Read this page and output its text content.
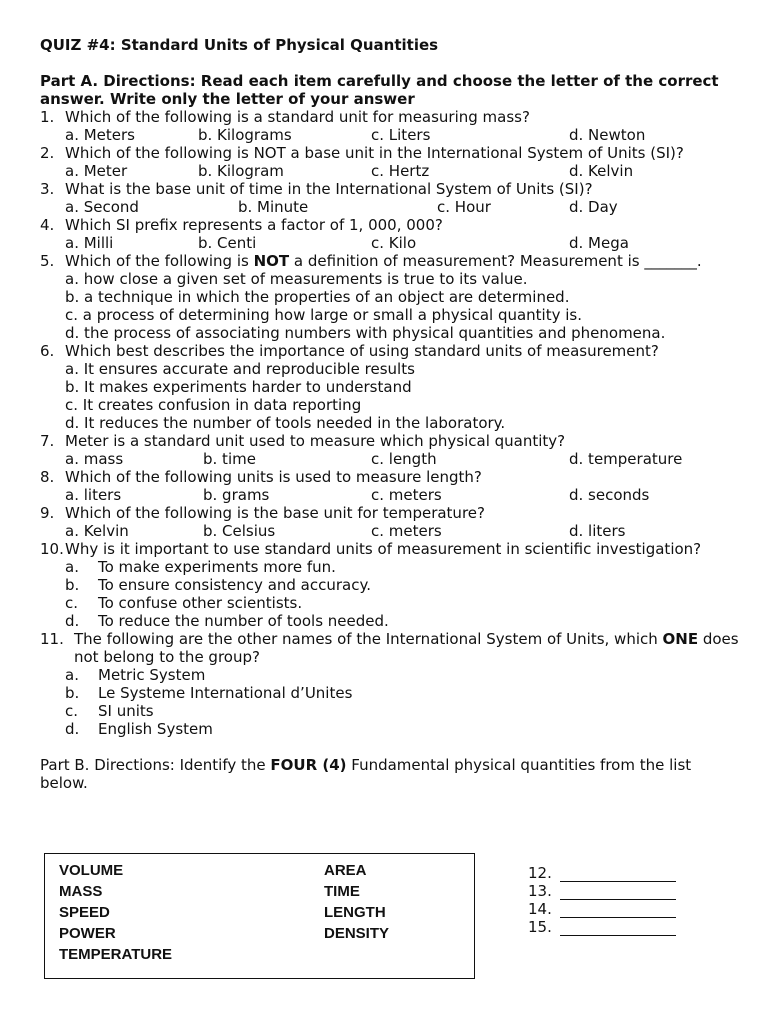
QUIZ #4: Standard Units of Physical Quantities

Part A. Directions: Read each item carefully and choose the letter of the correct answer. Write only the letter of your answer

1. Which of the following is a standard unit for measuring mass?
a. Meters	b. Kilograms	c. Liters	d. Newton
2. Which of the following is NOT a base unit in the International System of Units (SI)?
a. Meter	b. Kilogram	c. Hertz	d. Kelvin
3. What is the base unit of time in the International System of Units (SI)?
a. Second	b. Minute	c. Hour	d. Day
4. Which SI prefix represents a factor of 1, 000, 000?
a. Milli	b. Centi	c. Kilo	d. Mega
5. Which of the following is NOT a definition of measurement? Measurement is _______.
a. how close a given set of measurements is true to its value.
b. a technique in which the properties of an object are determined.
c. a process of determining how large or small a physical quantity is.
d. the process of associating numbers with physical quantities and phenomena.
6. Which best describes the importance of using standard units of measurement?
a. It ensures accurate and reproducible results
b. It makes experiments harder to understand
c. It creates confusion in data reporting
d. It reduces the number of tools needed in the laboratory.
7. Meter is a standard unit used to measure which physical quantity?
a. mass	b. time	c. length	d. temperature
8. Which of the following units is used to measure length?
a. liters	b. grams	c. meters	d. seconds
9. Which of the following is the base unit for temperature?
a. Kelvin	b. Celsius	c. meters	d. liters
10. Why is it important to use standard units of measurement in scientific investigation?
a.	To make experiments more fun.
b.	To ensure consistency and accuracy.
c.	To confuse other scientists.
d.	To reduce the number of tools needed.
11. The following are the other names of the International System of Units, which ONE does not belong to the group?
a.	Metric System
b.	Le Systeme International d’Unites
c.	SI units
d.	English System

Part B. Directions: Identify the FOUR (4) Fundamental physical quantities from the list below.

VOLUME	AREA
MASS	TIME
SPEED	LENGTH
POWER	DENSITY
TEMPERATURE
12.
13.
14.
15.
